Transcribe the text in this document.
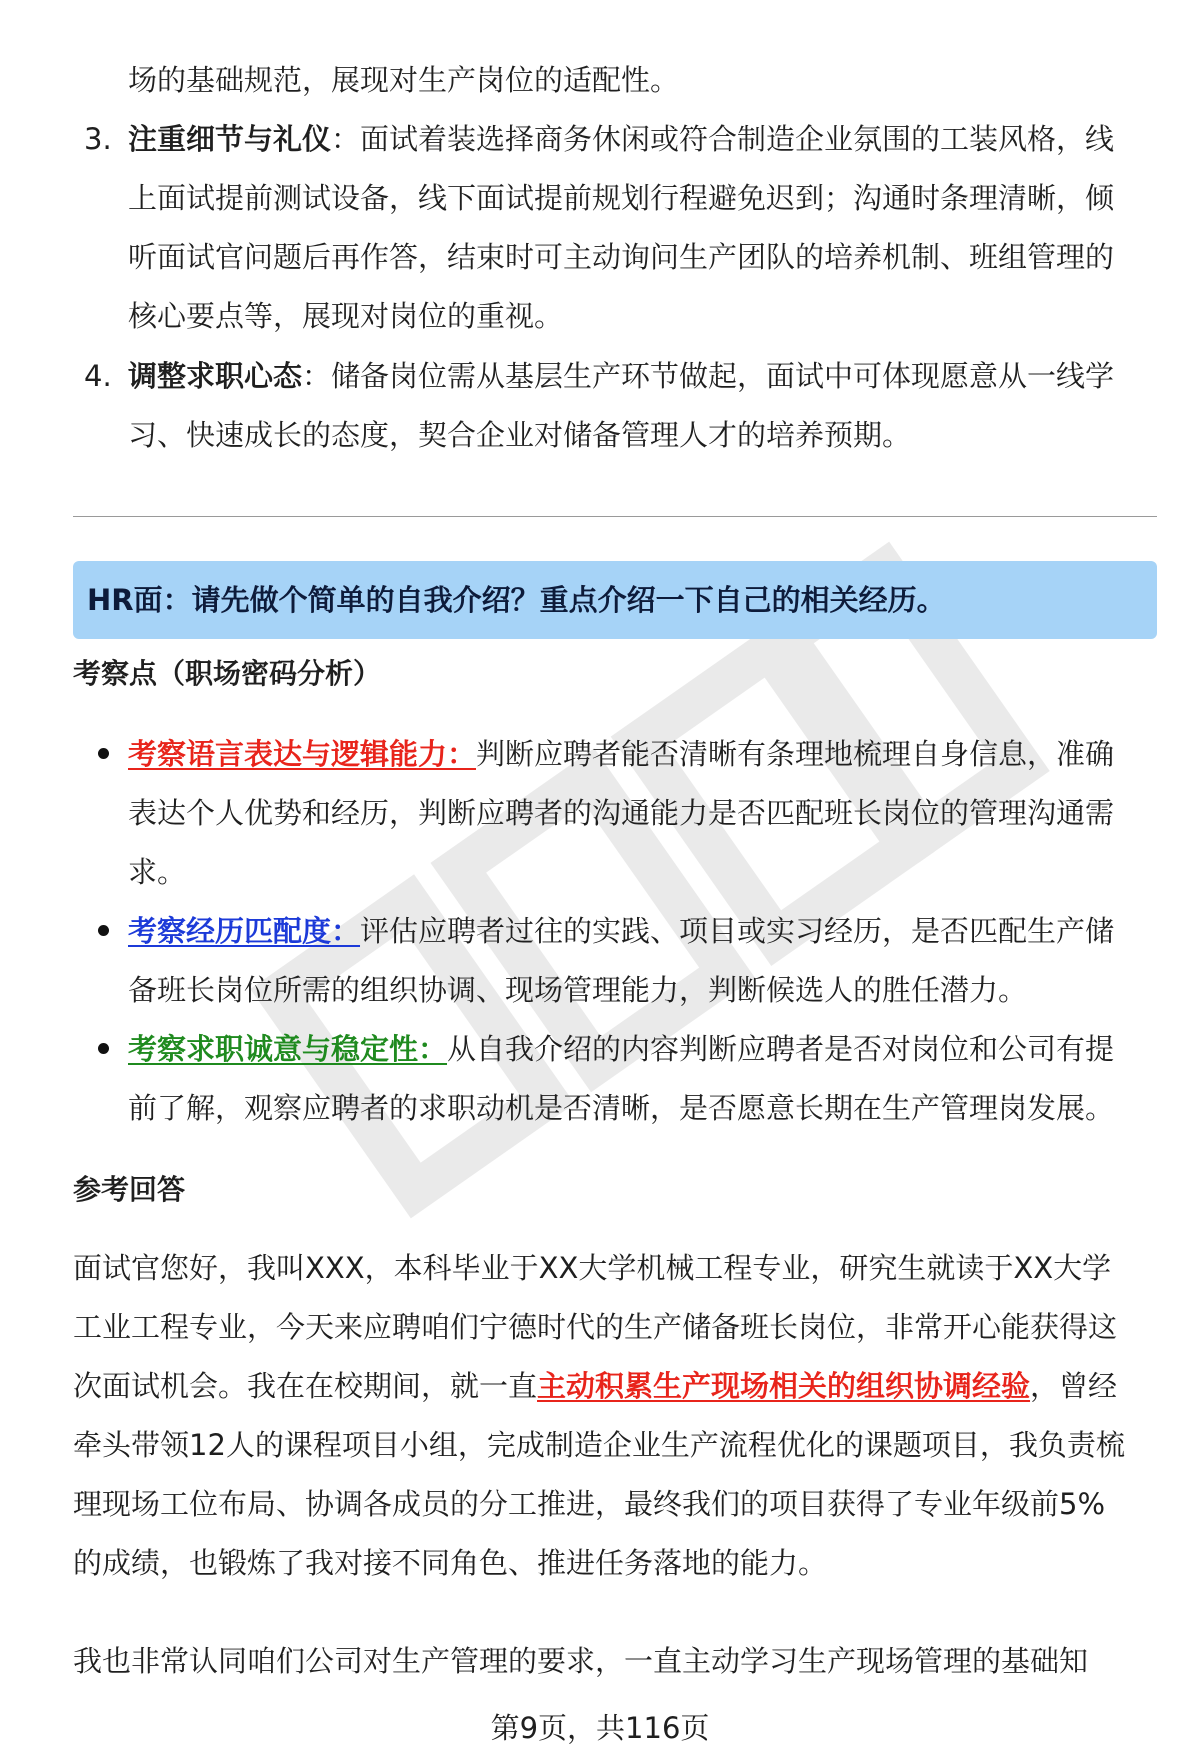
场的基础规范，展现对生产岗位的适配性。
3. 注重细节与礼仪：面试着装选择商务休闲或符合制造企业氛围的工装风格，线
上面试提前测试设备，线下面试提前规划行程避免迟到；沟通时条理清晰，倾
听面试官问题后再作答，结束时可主动询问生产团队的培养机制、班组管理的
核心要点等，展现对岗位的重视。
4. 调整求职心态：储备岗位需从基层生产环节做起，面试中可体现愿意从一线学
习、快速成长的态度，契合企业对储备管理人才的培养预期。
HR面：请先做个简单的自我介绍？重点介绍一下自己的相关经历。
考察点（职场密码分析）
考察语言表达与逻辑能力：判断应聘者能否清晰有条理地梳理自身信息，准确
表达个人优势和经历，判断应聘者的沟通能力是否匹配班长岗位的管理沟通需
求。
考察经历匹配度：评估应聘者过往的实践、项目或实习经历，是否匹配生产储
备班长岗位所需的组织协调、现场管理能力，判断候选人的胜任潜力。
考察求职诚意与稳定性：从自我介绍的内容判断应聘者是否对岗位和公司有提
前了解，观察应聘者的求职动机是否清晰，是否愿意长期在生产管理岗发展。
参考回答
面试官您好，我叫XXX，本科毕业于XX大学机械工程专业，研究生就读于XX大学
工业工程专业，今天来应聘咱们宁德时代的生产储备班长岗位，非常开心能获得这
次面试机会。我在在校期间，就一直主动积累生产现场相关的组织协调经验，曾经
牵头带领12人的课程项目小组，完成制造企业生产流程优化的课题项目，我负责梳
理现场工位布局、协调各成员的分工推进，最终我们的项目获得了专业年级前5%
的成绩，也锻炼了我对接不同角色、推进任务落地的能力。
我也非常认同咱们公司对生产管理的要求，一直主动学习生产现场管理的基础知
第9页，共116页
